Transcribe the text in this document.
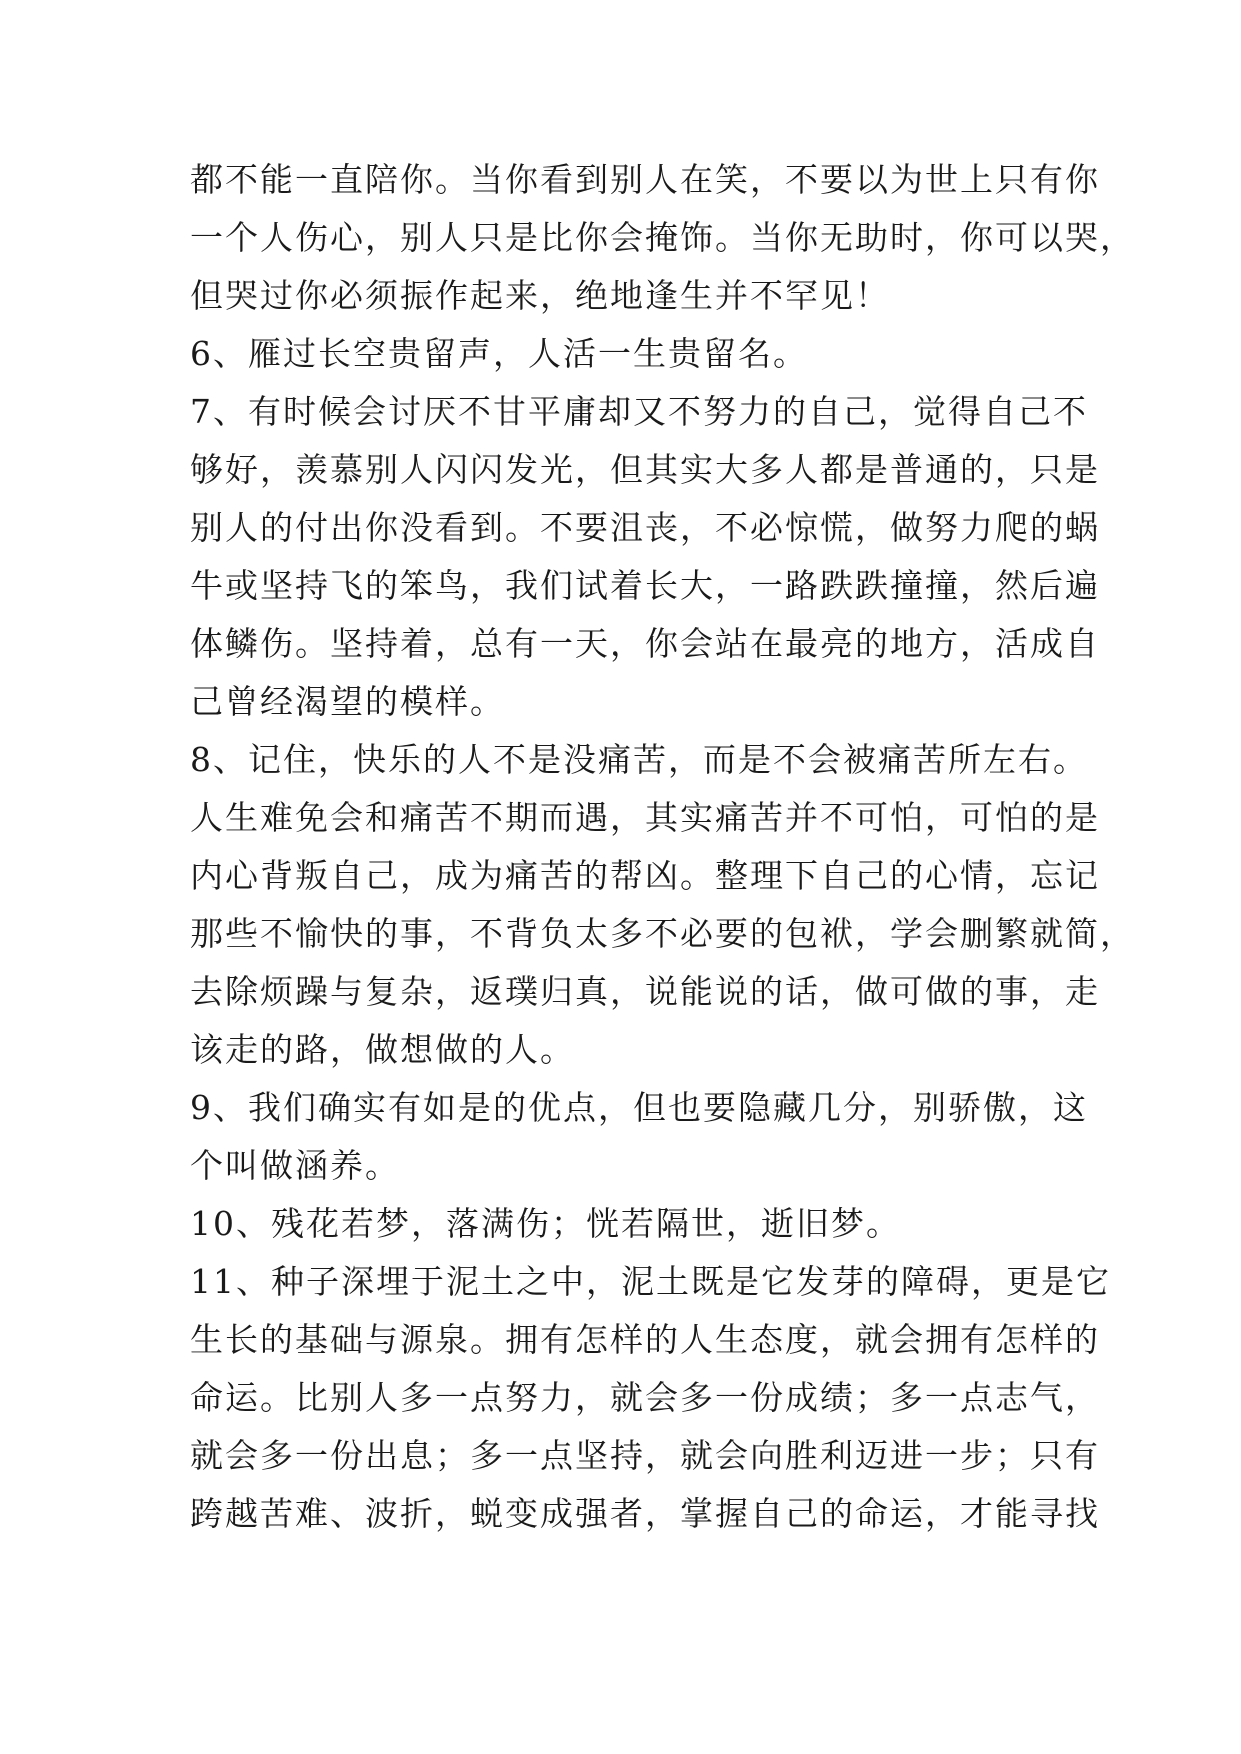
都不能一直陪你。当你看到别人在笑，不要以为世上只有你
一个人伤心，别人只是比你会掩饰。当你无助时，你可以哭，
但哭过你必须振作起来，绝地逢生并不罕见！
6、雁过长空贵留声，人活一生贵留名。
7、有时候会讨厌不甘平庸却又不努力的自己，觉得自己不
够好，羡慕别人闪闪发光，但其实大多人都是普通的，只是
别人的付出你没看到。不要沮丧，不必惊慌，做努力爬的蜗
牛或坚持飞的笨鸟，我们试着长大，一路跌跌撞撞，然后遍
体鳞伤。坚持着，总有一天，你会站在最亮的地方，活成自
己曾经渴望的模样。
8、记住，快乐的人不是没痛苦，而是不会被痛苦所左右。
人生难免会和痛苦不期而遇，其实痛苦并不可怕，可怕的是
内心背叛自己，成为痛苦的帮凶。整理下自己的心情，忘记
那些不愉快的事，不背负太多不必要的包袱，学会删繁就简，
去除烦躁与复杂，返璞归真，说能说的话，做可做的事，走
该走的路，做想做的人。
9、我们确实有如是的优点，但也要隐藏几分，别骄傲，这
个叫做涵养。
10、残花若梦，落满伤；恍若隔世，逝旧梦。
11、种子深埋于泥土之中，泥土既是它发芽的障碍，更是它
生长的基础与源泉。拥有怎样的人生态度，就会拥有怎样的
命运。比别人多一点努力，就会多一份成绩；多一点志气，
就会多一份出息；多一点坚持，就会向胜利迈进一步；只有
跨越苦难、波折，蜕变成强者，掌握自己的命运，才能寻找
